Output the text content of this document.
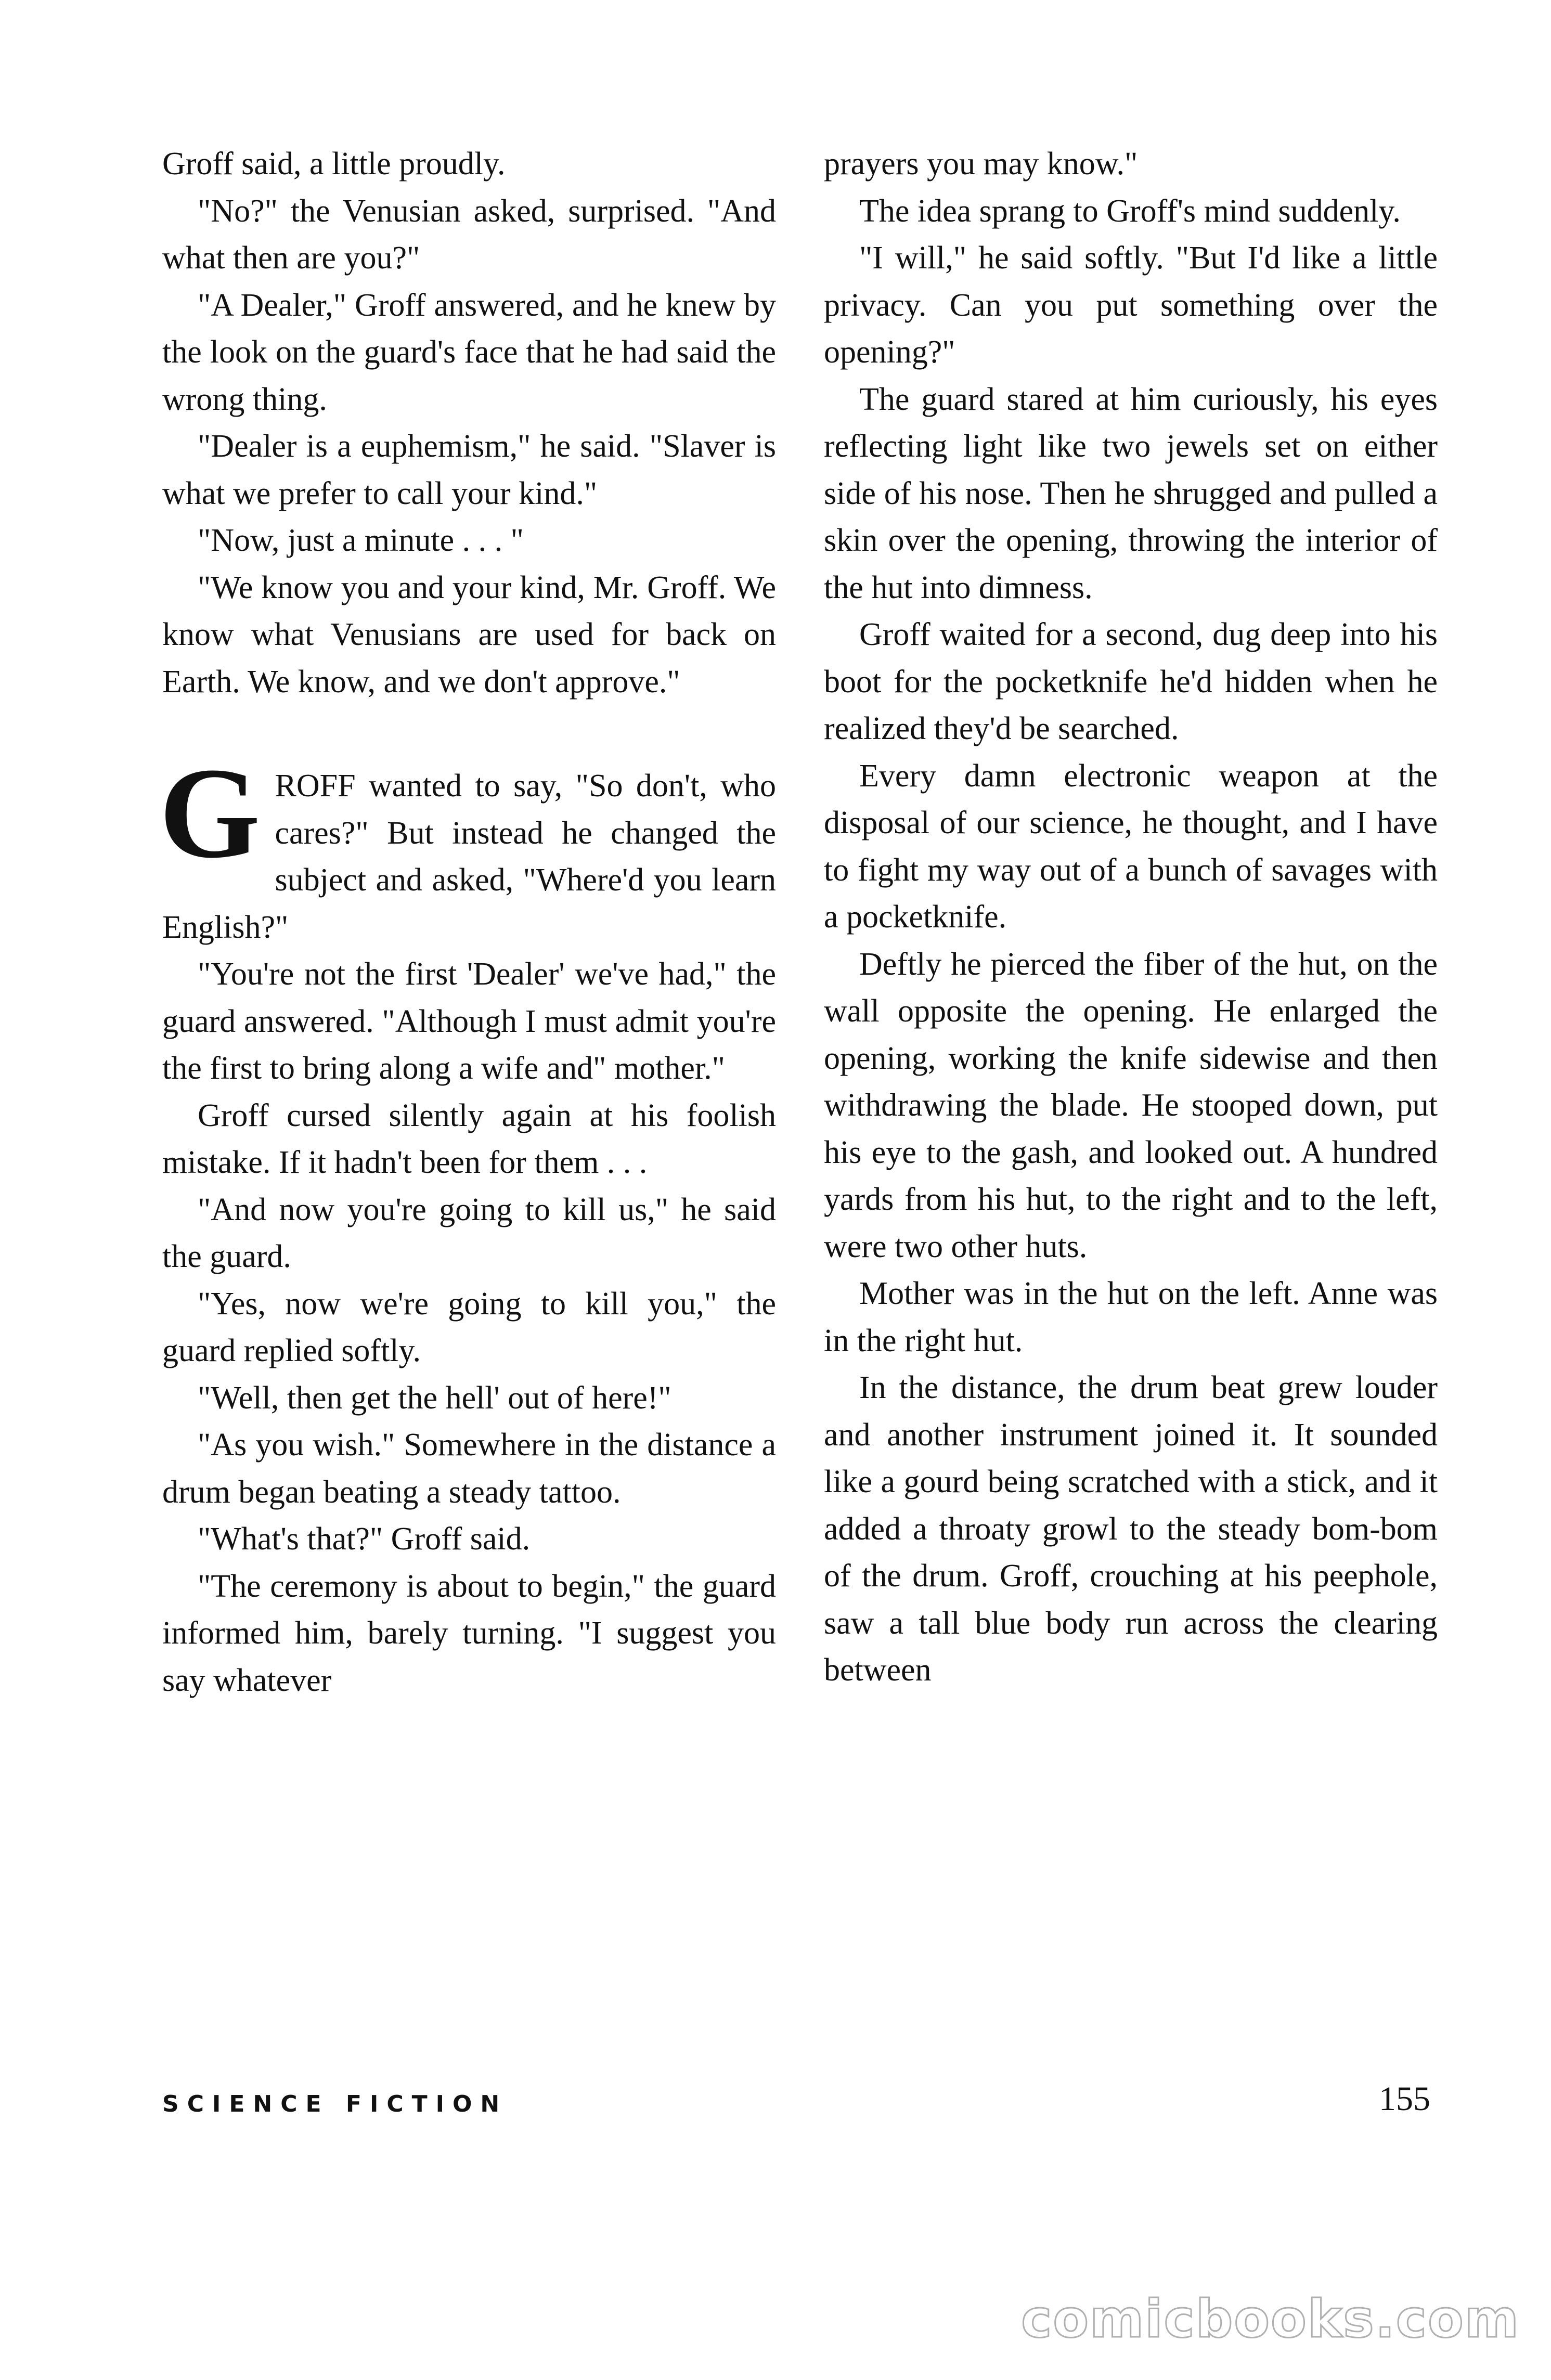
Groff said, a little proudly.

"No?" the Venusian asked, surprised. "And what then are you?"

"A Dealer," Groff answered, and he knew by the look on the guard's face that he had said the wrong thing.

"Dealer is a euphemism," he said. "Slaver is what we prefer to call your kind."

"Now, just a minute . . . "

"We know you and your kind, Mr. Groff. We know what Venusians are used for back on Earth. We know, and we don't approve."

GROFF wanted to say, "So don't, who cares?" But instead he changed the subject and asked, "Where'd you learn English?"

"You're not the first 'Dealer' we've had," the guard answered. "Although I must admit you're the first to bring along a wife and" mother."

Groff cursed silently again at his foolish mistake. If it hadn't been for them . . .

"And now you're going to kill us," he said the guard.

"Yes, now we're going to kill you," the guard replied softly.

"Well, then get the hell' out of here!"

"As you wish." Somewhere in the distance a drum began beating a steady tattoo.

"What's that?" Groff said.

"The ceremony is about to begin," the guard informed him, barely turning. "I suggest you say whatever

prayers you may know."

The idea sprang to Groff's mind suddenly.

"I will," he said softly. "But I'd like a little privacy. Can you put something over the opening?"

The guard stared at him curiously, his eyes reflecting light like two jewels set on either side of his nose. Then he shrugged and pulled a skin over the opening, throwing the interior of the hut into dimness.

Groff waited for a second, dug deep into his boot for the pocketknife he'd hidden when he realized they'd be searched.

Every damn electronic weapon at the disposal of our science, he thought, and I have to fight my way out of a bunch of savages with a pocketknife.

Deftly he pierced the fiber of the hut, on the wall opposite the opening. He enlarged the opening, working the knife sidewise and then withdrawing the blade. He stooped down, put his eye to the gash, and looked out. A hundred yards from his hut, to the right and to the left, were two other huts.

Mother was in the hut on the left. Anne was in the right hut.

In the distance, the drum beat grew louder and another instrument joined it. It sounded like a gourd being scratched with a stick, and it added a throaty growl to the steady bom-bom of the drum. Groff, crouching at his peephole, saw a tall blue body run across the clearing between

SCIENCE FICTION	155
comicbooks.com
